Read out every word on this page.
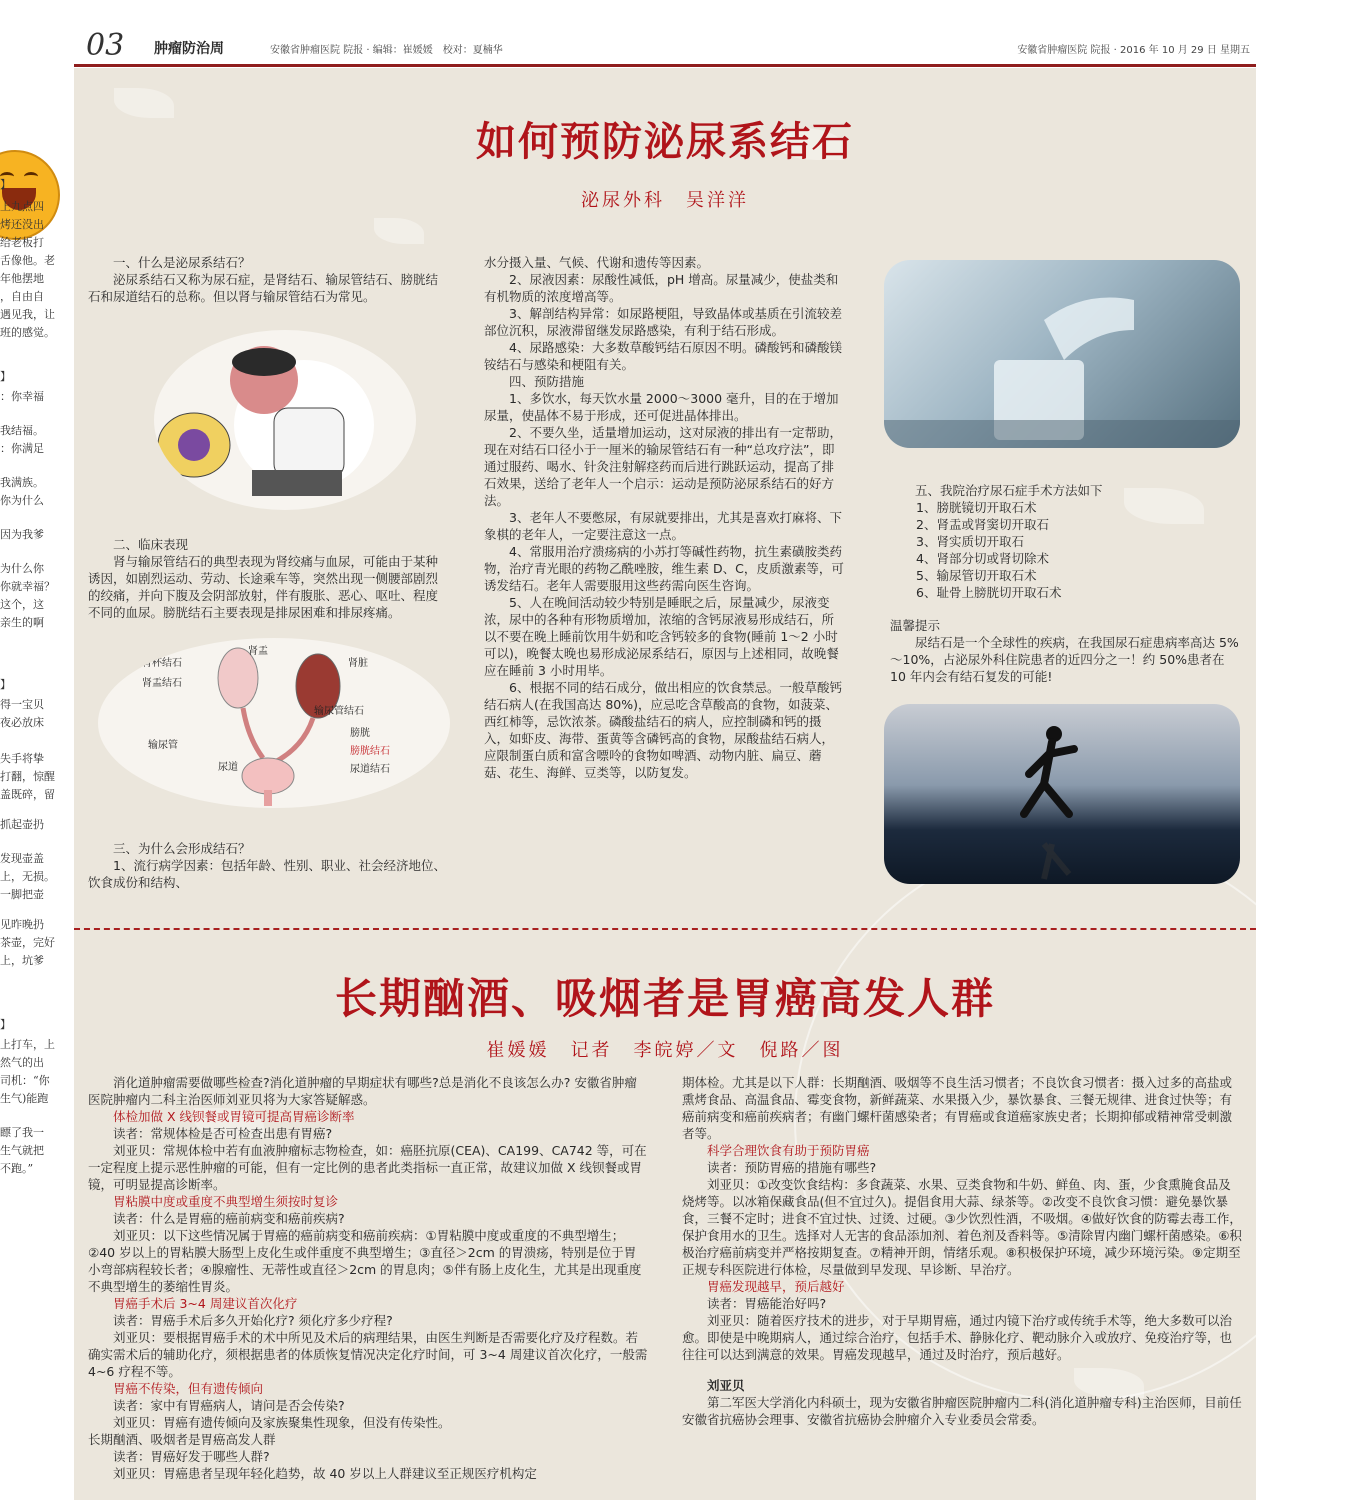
】
上九点四
烤还没出
给老板打
舌像他。老
年他摆地
，自由自
遇见我，让
班的感觉。
】
：你幸福
我结福。
：你满足
我满族。
你为什么
因为我爹
为什么你
你就幸福？
这个，这
亲生的啊
】
得一宝贝
夜必放床
失手将挚
打翻，惊醒
盖既碎，留
抓起壶扔
发现壶盖
上，无损。
一脚把壶
见昨晚扔
茶壶，完好
上，坑爹
】
上打车，上
然气的出
司机：“你
生气)能跑
瞟了我一
生气就把
不跑。”
03 肿瘤防治周	安徽省肿瘤医院 院报 · 编辑：崔媛媛　校对：夏楠华	安徽省肿瘤医院 院报 · 2016 年 10 月 29 日 星期五
如何预防泌尿系结石
泌尿外科　吴洋洋

一、什么是泌尿系结石？

泌尿系结石又称为尿石症，是肾结石、输尿管结石、膀胱结石和尿道结石的总称。但以肾与输尿管结石为常见。

二、临床表现

肾与输尿管结石的典型表现为肾绞痛与血尿，可能由于某种诱因，如剧烈运动、劳动、长途乘车等，突然出现一侧腰部剧烈的绞痛，并向下腹及会阴部放射，伴有腹胀、恶心、呕吐、程度不同的血尿。膀胱结石主要表现是排尿困难和排尿疼痛。

肾杯结石
肾盂结石
肾盂
肾脏
输尿管结石
膀胱
输尿管
膀胱结石
尿道	尿道结石

三、为什么会形成结石？

1、流行病学因素：包括年龄、性别、职业、社会经济地位、饮食成份和结构、

水分摄入量、气候、代谢和遗传等因素。

2、尿液因素：尿酸性减低，pH 增高。尿量减少，使盐类和有机物质的浓度增高等。

3、解剖结构异常：如尿路梗阻，导致晶体或基质在引流较差部位沉积，尿液滞留继发尿路感染，有利于结石形成。

4、尿路感染：大多数草酸钙结石原因不明。磷酸钙和磷酸镁铵结石与感染和梗阻有关。

四、预防措施

1、多饮水，每天饮水量 2000～3000 毫升，目的在于增加尿量，使晶体不易于形成，还可促进晶体排出。

2、不要久坐，适量增加运动，这对尿液的排出有一定帮助，现在对结石口径小于一厘米的输尿管结石有一种“总攻疗法”，即通过服药、喝水、针灸注射解痉药而后进行跳跃运动，提高了排石效果，送给了老年人一个启示：运动是预防泌尿系结石的好方法。

3、老年人不要憋尿，有尿就要排出，尤其是喜欢打麻将、下象棋的老年人，一定要注意这一点。

4、常服用治疗溃疡病的小苏打等碱性药物，抗生素磺胺类药物，治疗青光眼的药物乙酰唑胺，维生素 D、C，皮质激素等，可诱发结石。老年人需要服用这些药需向医生咨询。

5、人在晚间活动较少特别是睡眠之后，尿量减少，尿液变浓，尿中的各种有形物质增加，浓缩的含钙尿液易形成结石，所以不要在晚上睡前饮用牛奶和吃含钙较多的食物(睡前 1～2 小时可以)，晚餐太晚也易形成泌尿系结石，原因与上述相同，故晚餐应在睡前 3 小时用毕。

6、根据不同的结石成分，做出相应的饮食禁忌。一般草酸钙结石病人(在我国高达 80%)，应忌吃含草酸高的食物，如菠菜、西红柿等，忌饮浓茶。磷酸盐结石的病人，应控制磷和钙的摄入，如虾皮、海带、蛋黄等含磷钙高的食物，尿酸盐结石病人，应限制蛋白质和富含嘌呤的食物如啤酒、动物内脏、扁豆、蘑菇、花生、海鲜、豆类等，以防复发。

五、我院治疗尿石症手术方法如下
1、膀胱镜切开取石术
2、肾盂或肾窦切开取石
3、肾实质切开取石
4、肾部分切或肾切除术
5、输尿管切开取石术
6、耻骨上膀胱切开取石术
温馨提示

尿结石是一个全球性的疾病，在我国尿石症患病率高达 5%～10%，占泌尿外科住院患者的近四分之一！约 50%患者在 10 年内会有结石复发的可能!

长期酗酒、吸烟者是胃癌高发人群
崔媛媛　记者　李皖婷／文　倪路／图

消化道肿瘤需要做哪些检查?消化道肿瘤的早期症状有哪些?总是消化不良该怎么办? 安徽省肿瘤医院肿瘤内二科主治医师刘亚贝将为大家答疑解惑。

体检加做 X 线钡餐或胃镜可提高胃癌诊断率

读者：常规体检是否可检查出患有胃癌?

刘亚贝：常规体检中若有血液肿瘤标志物检查，如：癌胚抗原(CEA)、CA199、CA742 等，可在一定程度上提示恶性肿瘤的可能，但有一定比例的患者此类指标一直正常，故建议加做 X 线钡餐或胃镜，可明显提高诊断率。

胃粘膜中度或重度不典型增生须按时复诊

读者：什么是胃癌的癌前病变和癌前疾病?

刘亚贝：以下这些情况属于胃癌的癌前病变和癌前疾病：①胃粘膜中度或重度的不典型增生；②40 岁以上的胃粘膜大肠型上皮化生或伴重度不典型增生；③直径＞2cm 的胃溃疡，特别是位于胃小弯部病程较长者；④腺瘤性、无蒂性或直径＞2cm 的胃息肉；⑤伴有肠上皮化生，尤其是出现重度不典型增生的萎缩性胃炎。

胃癌手术后 3~4 周建议首次化疗

读者：胃癌手术后多久开始化疗? 须化疗多少疗程?

刘亚贝：要根据胃癌手术的术中所见及术后的病理结果，由医生判断是否需要化疗及疗程数。若确实需术后的辅助化疗，须根据患者的体质恢复情况决定化疗时间，可 3~4 周建议首次化疗，一般需 4~6 疗程不等。

胃癌不传染，但有遗传倾向

读者：家中有胃癌病人，请问是否会传染?

刘亚贝：胃癌有遗传倾向及家族聚集性现象，但没有传染性。

长期酗酒、吸烟者是胃癌高发人群

读者：胃癌好发于哪些人群?

刘亚贝：胃癌患者呈现年轻化趋势，故 40 岁以上人群建议至正规医疗机构定

期体检。尤其是以下人群：长期酗酒、吸烟等不良生活习惯者；不良饮食习惯者：摄入过多的高盐或熏烤食品、高温食品、霉变食物，新鲜蔬菜、水果摄入少，暴饮暴食、三餐无规律、进食过快等；有癌前病变和癌前疾病者；有幽门螺杆菌感染者；有胃癌或食道癌家族史者；长期抑郁或精神常受刺激者等。

科学合理饮食有助于预防胃癌

读者：预防胃癌的措施有哪些?

刘亚贝：①改变饮食结构：多食蔬菜、水果、豆类食物和牛奶、鲜鱼、肉、蛋，少食熏腌食品及烧烤等。以冰箱保藏食品(但不宜过久)。提倡食用大蒜、绿茶等。②改变不良饮食习惯：避免暴饮暴食，三餐不定时；进食不宜过快、过烫、过硬。③少饮烈性酒，不吸烟。④做好饮食的防霉去毒工作，保护食用水的卫生。选择对人无害的食品添加剂、着色剂及香料等。⑤清除胃内幽门螺杆菌感染。⑥积极治疗癌前病变并严格按期复查。⑦精神开朗，情绪乐观。⑧积极保护环境，减少环境污染。⑨定期至正规专科医院进行体检，尽量做到早发现、早诊断、早治疗。

胃癌发现越早，预后越好

读者：胃癌能治好吗?

刘亚贝：随着医疗技术的进步，对于早期胃癌，通过内镜下治疗或传统手术等，绝大多数可以治愈。即使是中晚期病人，通过综合治疗，包括手术、静脉化疗、靶动脉介入或放疗、免疫治疗等，也往往可以达到满意的效果。胃癌发现越早，通过及时治疗，预后越好。

刘亚贝

第二军医大学消化内科硕士，现为安徽省肿瘤医院肿瘤内二科(消化道肿瘤专科)主治医师，目前任安徽省抗癌协会理事、安徽省抗癌协会肿瘤介入专业委员会常委。
